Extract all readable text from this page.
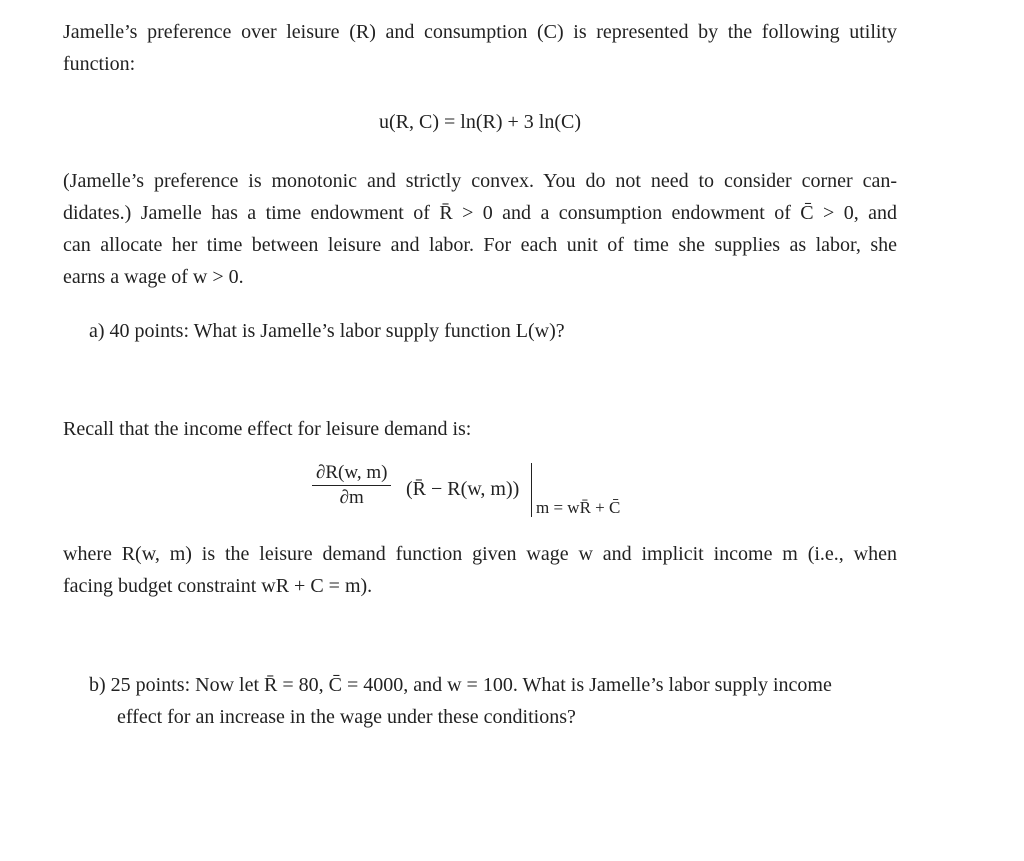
Jamelle’s preference over leisure (R) and consumption (C) is represented by the following utility
function:
u(R, C) = ln(R) + 3 ln(C)
(Jamelle’s preference is monotonic and strictly convex. You do not need to consider corner can-
didates.) Jamelle has a time endowment of R̄ > 0 and a consumption endowment of C̄ > 0, and
can allocate her time between leisure and labor. For each unit of time she supplies as labor, she
earns a wage of w > 0.
a) 40 points: What is Jamelle’s labor supply function L(w)?
Recall that the income effect for leisure demand is:
$\frac{\partial R(w, m)}{\partial m}$ (R̄ − R(w, m))
m = wR̄ + C̄
where R(w, m) is the leisure demand function given wage w and implicit income m (i.e., when
facing budget constraint wR + C = m).
b) 25 points: Now let R̄ = 80, C̄ = 4000, and w = 100. What is Jamelle’s labor supply income
effect for an increase in the wage under these conditions?
